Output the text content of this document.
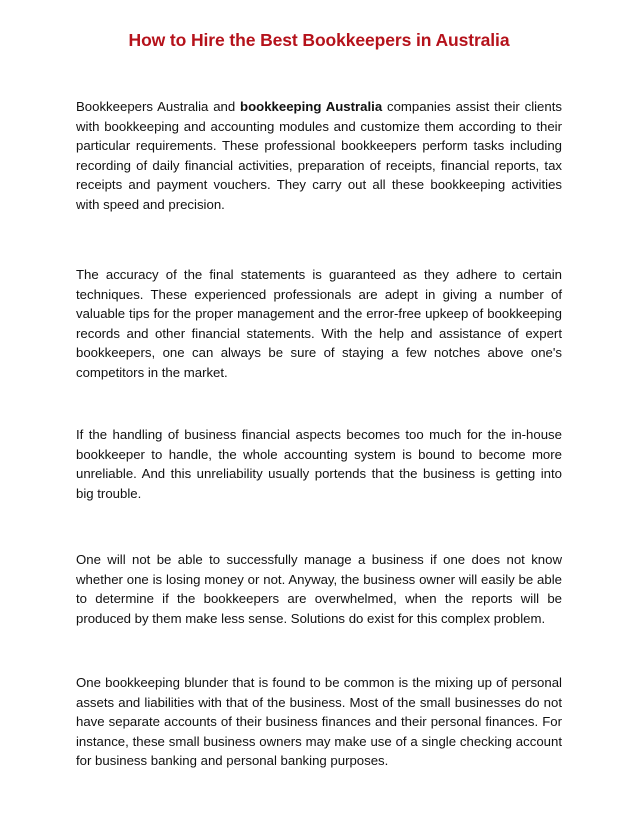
How to Hire the Best Bookkeepers in Australia

Bookkeepers Australia and bookkeeping Australia companies assist their clients with bookkeeping and accounting modules and customize them according to their particular requirements. These professional bookkeepers perform tasks including recording of daily financial activities, preparation of receipts, financial reports, tax receipts and payment vouchers. They carry out all these bookkeeping activities with speed and precision.

The accuracy of the final statements is guaranteed as they adhere to certain techniques. These experienced professionals are adept in giving a number of valuable tips for the proper management and the error-free upkeep of bookkeeping records and other financial statements. With the help and assistance of expert bookkeepers, one can always be sure of staying a few notches above one's competitors in the market.

If the handling of business financial aspects becomes too much for the in-house bookkeeper to handle, the whole accounting system is bound to become more unreliable. And this unreliability usually portends that the business is getting into big trouble.

One will not be able to successfully manage a business if one does not know whether one is losing money or not. Anyway, the business owner will easily be able to determine if the bookkeepers are overwhelmed, when the reports will be produced by them make less sense. Solutions do exist for this complex problem.

One bookkeeping blunder that is found to be common is the mixing up of personal assets and liabilities with that of the business. Most of the small businesses do not have separate accounts of their business finances and their personal finances. For instance, these small business owners may make use of a single checking account for business banking and personal banking purposes.
